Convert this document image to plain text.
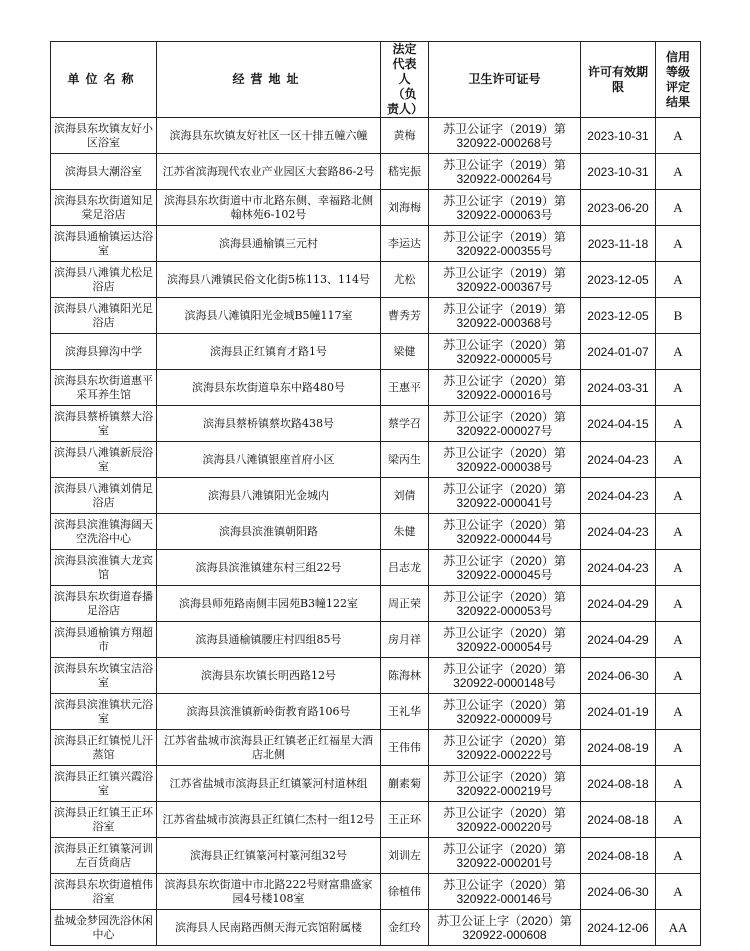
单位名称	经营地址	法定代表人（负责人）	卫生许可证号	许可有效期限	信用等级评定结果
滨海县东坎镇友好小区浴室	滨海县东坎镇友好社区一区十排五幢六幢	黄梅	苏卫公证字（2019）第320922-000268号	2023-10-31	A
滨海县大潮浴室	江苏省滨海现代农业产业园区大套路86-2号	嵇宪振	苏卫公证字（2019）第320922-000264号	2023-10-31	A
滨海县东坎街道知足棠足浴店	滨海县东坎街道中市北路东侧、幸福路北侧翰林苑6-102号	刘海梅	苏卫公证字（2019）第320922-000063号	2023-06-20	A
滨海县通榆镇运达浴室	滨海县通榆镇三元村	李运达	苏卫公证字（2019）第320922-000355号	2023-11-18	A
滨海县八滩镇尤松足浴店	滨海县八滩镇民俗文化街5栋113、114号	尤松	苏卫公证字（2019）第320922-000367号	2023-12-05	A
滨海县八滩镇阳光足浴店	滨海县八滩镇阳光金城B5幢117室	曹秀芳	苏卫公证字（2019）第320922-000368号	2023-12-05	B
滨海县獐沟中学	滨海县正红镇育才路1号	梁健	苏卫公证字（2020）第320922-000005号	2024-01-07	A
滨海县东坎街道惠平采耳养生馆	滨海县东坎街道阜东中路480号	王惠平	苏卫公证字（2020）第320922-000016号	2024-03-31	A
滨海县蔡桥镇蔡大浴室	滨海县蔡桥镇蔡坎路438号	蔡学召	苏卫公证字（2020）第320922-000027号	2024-04-15	A
滨海县八滩镇新辰浴室	滨海县八滩镇银座首府小区	梁丙生	苏卫公证字（2020）第320922-000038号	2024-04-23	A
滨海县八滩镇刘倩足浴店	滨海县八滩镇阳光金城内	刘倩	苏卫公证字（2020）第320922-000041号	2024-04-23	A
滨海县滨淮镇海阔天空洗浴中心	滨海县滨淮镇朝阳路	朱健	苏卫公证字（2020）第320922-000044号	2024-04-23	A
滨海县滨淮镇大龙宾馆	滨海县滨淮镇建东村三组22号	吕志龙	苏卫公证字（2020）第320922-000045号	2024-04-23	A
滨海县东坎街道春播足浴店	滨海县师苑路南侧丰园苑B3幢122室	周正荣	苏卫公证字（2020）第320922-000053号	2024-04-29	A
滨海县通榆镇方翔超市	滨海县通榆镇腰庄村四组85号	房月祥	苏卫公证字（2020）第320922-000054号	2024-04-29	A
滨海县东坎镇宝洁浴室	滨海县东坎镇长明西路12号	陈海林	苏卫公证字（2020）第320922-0000148号	2024-06-30	A
滨海县滨淮镇状元浴室	滨海县滨淮镇新岭街教育路106号	王礼华	苏卫公证字（2020）第320922-000009号	2024-01-19	A
滨海县正红镇悦儿汗蒸馆	江苏省盐城市滨海县正红镇老正红福星大酒店北侧	王伟伟	苏卫公证字（2020）第320922-000222号	2024-08-19	A
滨海县正红镇兴霞浴室	江苏省盐城市滨海县正红镇篆河村道林组	蒯素菊	苏卫公证字（2020）第320922-000219号	2024-08-18	A
滨海县正红镇王正环浴室	江苏省盐城市滨海县正红镇仁杰村一组12号	王正环	苏卫公证字（2020）第320922-000220号	2024-08-18	A
滨海县正红镇篆河训左百货商店	滨海县正红镇篆河村篆河组32号	刘训左	苏卫公证字（2020）第320922-000201号	2024-08-18	A
滨海县东坎街道植伟浴室	滨海县东坎街道中市北路222号财富鼎盛家园4号楼108室	徐植伟	苏卫公证字（2020）第320922-000146号	2024-06-30	A
盐城金梦园洗浴休闲中心	滨海县人民南路西侧天海元宾馆附属楼	金红玲	苏卫公证上字（2020）第320922-000608	2024-12-06	AA
